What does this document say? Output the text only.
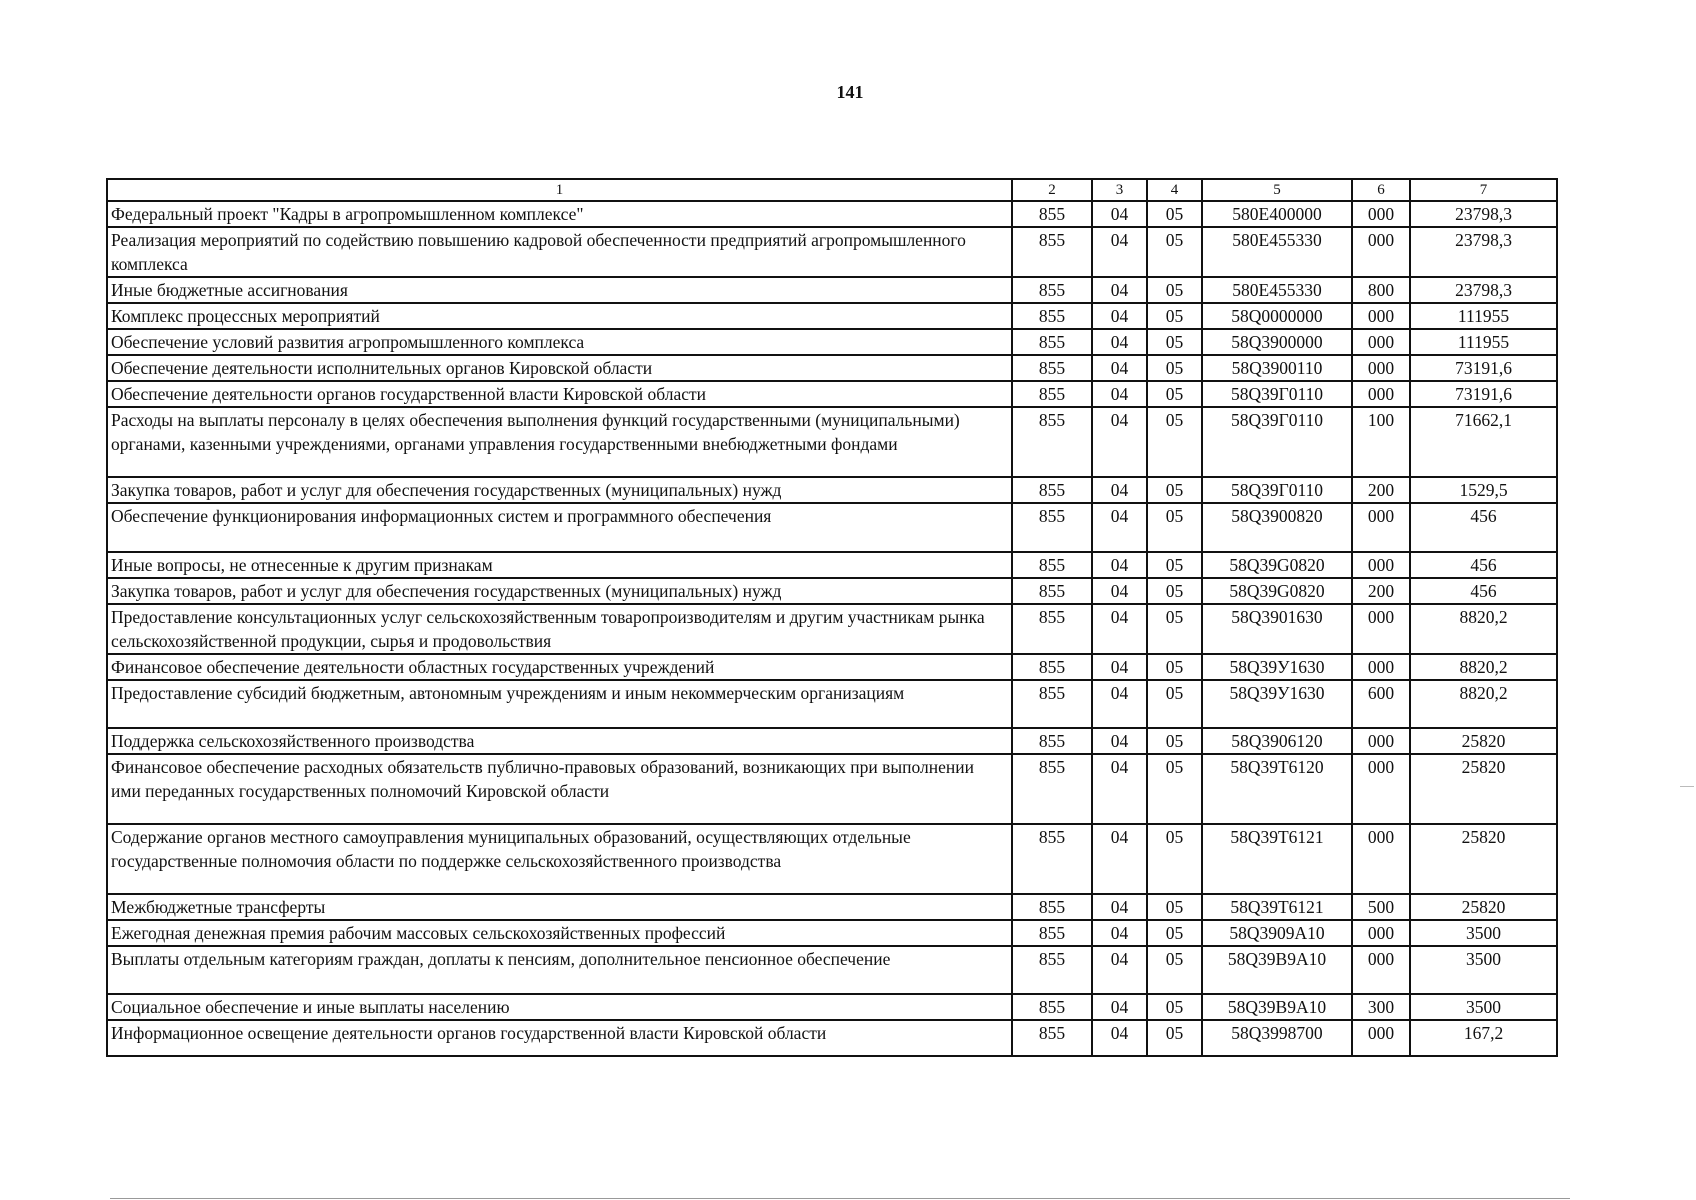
141
1	2	3	4	5	6	7
Федеральный проект "Кадры в агропромышленном комплексе"	855	04	05	580Е400000	000	23798,3
Реализация мероприятий по содействию повышению кадровой обеспеченности предприятий агропромышленного комплекса	855	04	05	580Е455330	000	23798,3
Иные бюджетные ассигнования	855	04	05	580Е455330	800	23798,3
Комплекс процессных мероприятий	855	04	05	58Q0000000	000	111955
Обеспечение условий развития агропромышленного комплекса	855	04	05	58Q3900000	000	111955
Обеспечение деятельности исполнительных органов Кировской области	855	04	05	58Q3900110	000	73191,6
Обеспечение деятельности органов государственной власти Кировской области	855	04	05	58Q39Г0110	000	73191,6
Расходы на выплаты персоналу в целях обеспечения выполнения функций государственными (муниципальными) органами, казенными учреждениями, органами управления государственными внебюджетными фондами	855	04	05	58Q39Г0110	100	71662,1
Закупка товаров, работ и услуг для обеспечения государственных (муниципальных) нужд	855	04	05	58Q39Г0110	200	1529,5
Обеспечение функционирования информационных систем и программного обеспечения	855	04	05	58Q3900820	000	456
Иные вопросы, не отнесенные к другим признакам	855	04	05	58Q39G0820	000	456
Закупка товаров, работ и услуг для обеспечения государственных (муниципальных) нужд	855	04	05	58Q39G0820	200	456
Предоставление консультационных услуг сельскохозяйственным товаропроизводителям и другим участникам рынка сельскохозяйственной продукции, сырья и продовольствия	855	04	05	58Q3901630	000	8820,2
Финансовое обеспечение деятельности областных государственных учреждений	855	04	05	58Q39У1630	000	8820,2
Предоставление субсидий бюджетным, автономным учреждениям и иным некоммерческим организациям	855	04	05	58Q39У1630	600	8820,2
Поддержка сельскохозяйственного производства	855	04	05	58Q3906120	000	25820
Финансовое обеспечение расходных обязательств публично-правовых образований, возникающих при выполнении ими переданных государственных полномочий Кировской области	855	04	05	58Q39Т6120	000	25820
Содержание органов местного самоуправления муниципальных образований, осуществляющих отдельные государственные полномочия области по поддержке сельскохозяйственного производства	855	04	05	58Q39Т6121	000	25820
Межбюджетные трансферты	855	04	05	58Q39Т6121	500	25820
Ежегодная денежная премия рабочим массовых сельскохозяйственных профессий	855	04	05	58Q3909А10	000	3500
Выплаты отдельным категориям граждан, доплаты к пенсиям, дополнительное пенсионное обеспечение	855	04	05	58Q39В9А10	000	3500
Социальное обеспечение и иные выплаты населению	855	04	05	58Q39В9А10	300	3500
Информационное освещение деятельности органов государственной власти Кировской области	855	04	05	58Q3998700	000	167,2
